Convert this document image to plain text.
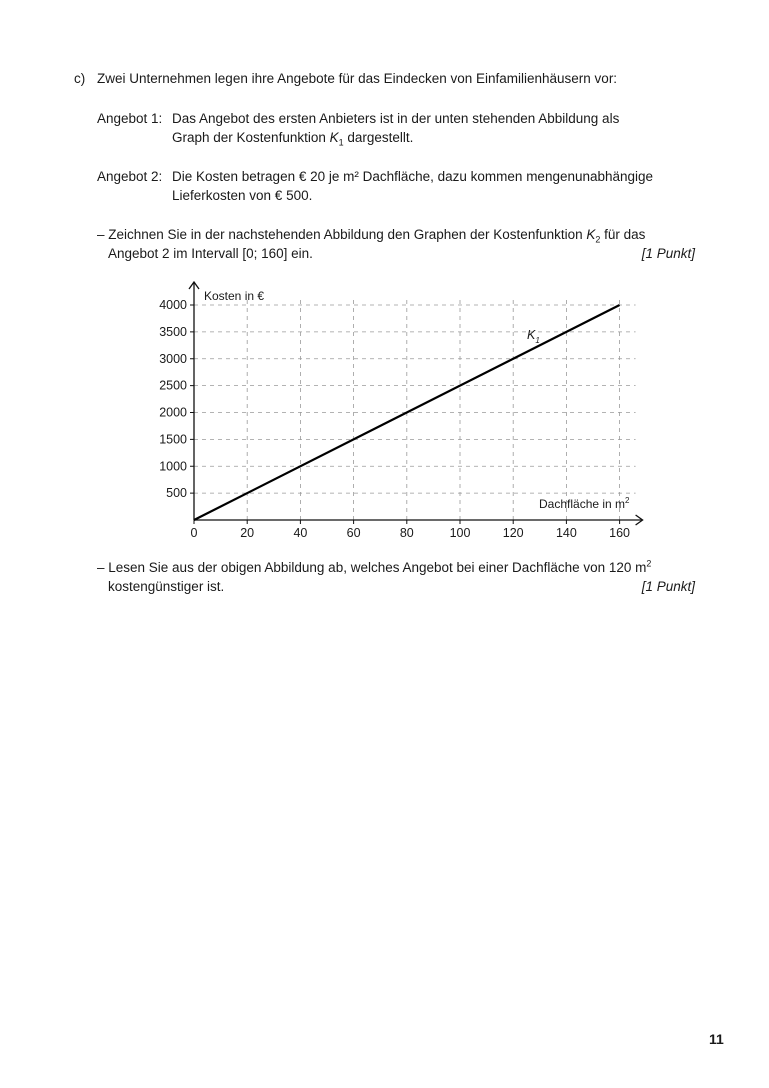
c) Zwei Unternehmen legen ihre Angebote für das Eindecken von Einfamilienhäusern vor:
Angebot 1: Das Angebot des ersten Anbieters ist in der unten stehenden Abbildung als
Graph der Kostenfunktion $K_1$ dargestellt.
Angebot 2: Die Kosten betragen € 20 je m² Dachfläche, dazu kommen mengenunabhängige
Lieferkosten von € 500.
– Zeichnen Sie in der nachstehenden Abbildung den Graphen der Kostenfunktion $K_2$ für das
Angebot 2 im Intervall [0; 160] ein.	[1 Punkt]
0	20	40	60	80	100	120	140	160
500
1000
1500
2000
2500
3000
3500
4000
Kosten in €
Dachfläche in $m^2$
$K_1$
– Lesen Sie aus der obigen Abbildung ab, welches Angebot bei einer Dachfläche von 120 $m^2$
kostengünstiger ist.	[1 Punkt]
11
